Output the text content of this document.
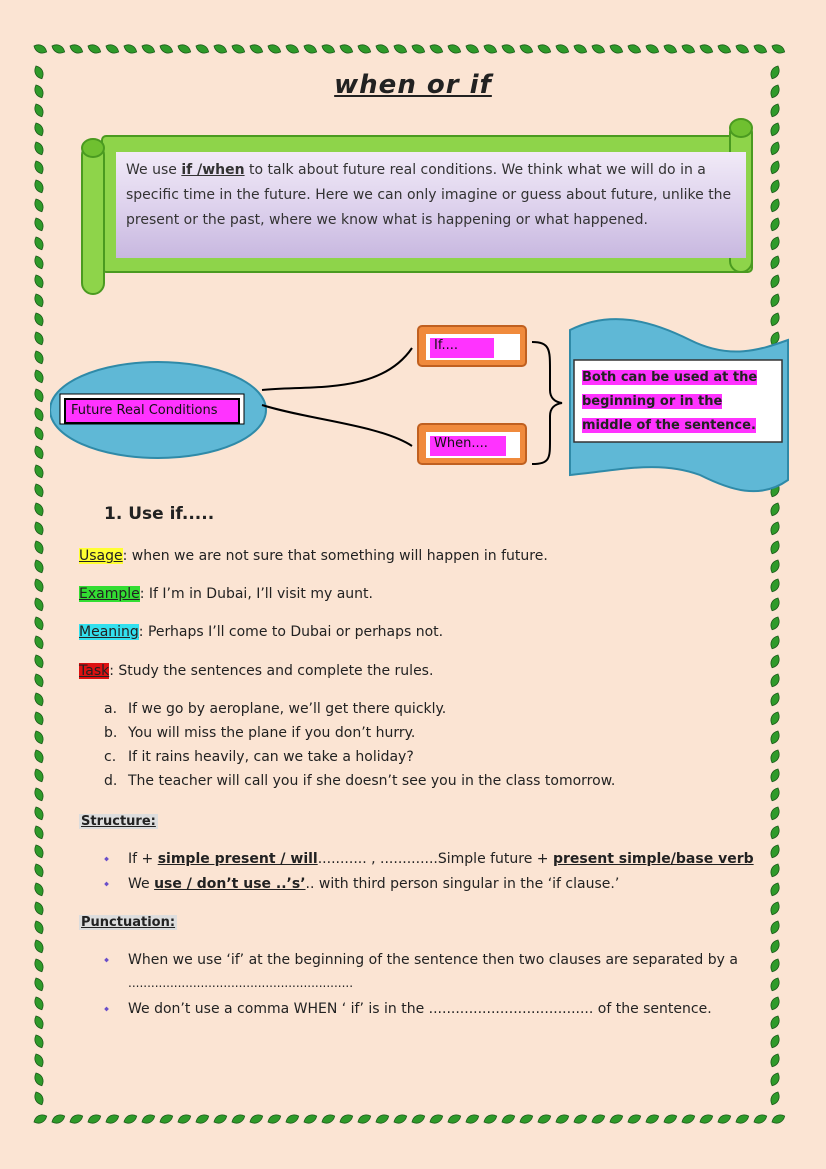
when or if
We use if /when to talk about future real conditions. We think what we will do in a specific time in the future. Here we can only imagine or guess about future, unlike the present or the past, where we know what is happening or what happened.
Future Real Conditions
If....
When....
Both can be used at the beginning or in the middle of the sentence.
1. Use if.....
Usage: when we are not sure that something will happen in future.
Example: If I’m in Dubai, I’ll visit my aunt.
Meaning: Perhaps I’ll come to Dubai or perhaps not.
Task: Study the sentences and complete the rules.
a. If we go by aeroplane, we’ll get there quickly.
b. You will miss the plane if you don’t hurry.
c. If it rains heavily, can we take a holiday?
d. The teacher will call you if she doesn’t see you in the class tomorrow.
Structure:
⬩ If + simple present / will........... , .............Simple future + present simple/base verb
⬩ We use / don’t use ..’s’.. with third person singular in the ‘if clause.’
Punctuation:
⬩ When we use ‘if’ at the beginning of the sentence then two clauses are separated by a
...........................................................
⬩ We don’t use a comma WHEN ‘ if’ is in the ..................................... of the sentence.
